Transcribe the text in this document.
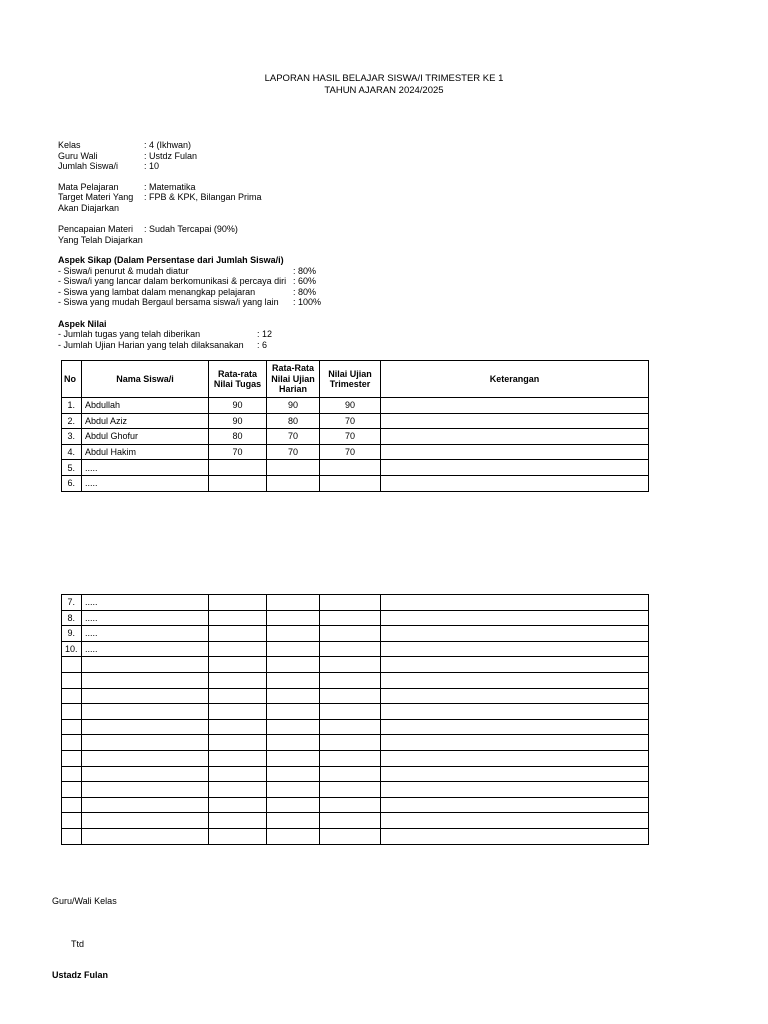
LAPORAN HASIL BELAJAR SISWA/I TRIMESTER KE 1
TAHUN AJARAN 2024/2025
Kelas	: 4 (Ikhwan)
Guru Wali	: Ustdz Fulan
Jumlah Siswa/i	: 10
Mata Pelajaran	: Matematika
Target Materi Yang : FPB & KPK, Bilangan Prima
Akan Diajarkan
Pencapaian Materi : Sudah Tercapai (90%)
Yang Telah Diajarkan
Aspek Sikap (Dalam Persentase dari Jumlah Siswa/i)
- Siswa/i penurut & mudah diatur	: 80%
- Siswa/i yang lancar dalam berkomunikasi & percaya diri : 60%
- Siswa yang lambat dalam menangkap pelajaran	: 80%
- Siswa yang mudah Bergaul bersama siswa/i yang lain : 100%
Aspek Nilai
- Jumlah tugas yang telah diberikan	: 12
- Jumlah Ujian Harian yang telah dilaksanakan : 6
No	Nama Siswa/i	Rata-rata Nilai Tugas	Rata-Rata Nilai Ujian Harian	Nilai Ujian Trimester	Keterangan
1.	Abdullah	90	90	90	
2.	Abdul Aziz	90	80	70	
3.	Abdul Ghofur	80	70	70	
4.	Abdul Hakim	70	70	70	
5.	.....				
6.	.....				
7.	.....				
8.	.....				
9.	.....				
10.	.....				

Guru/Wali Kelas
Ttd
Ustadz Fulan
